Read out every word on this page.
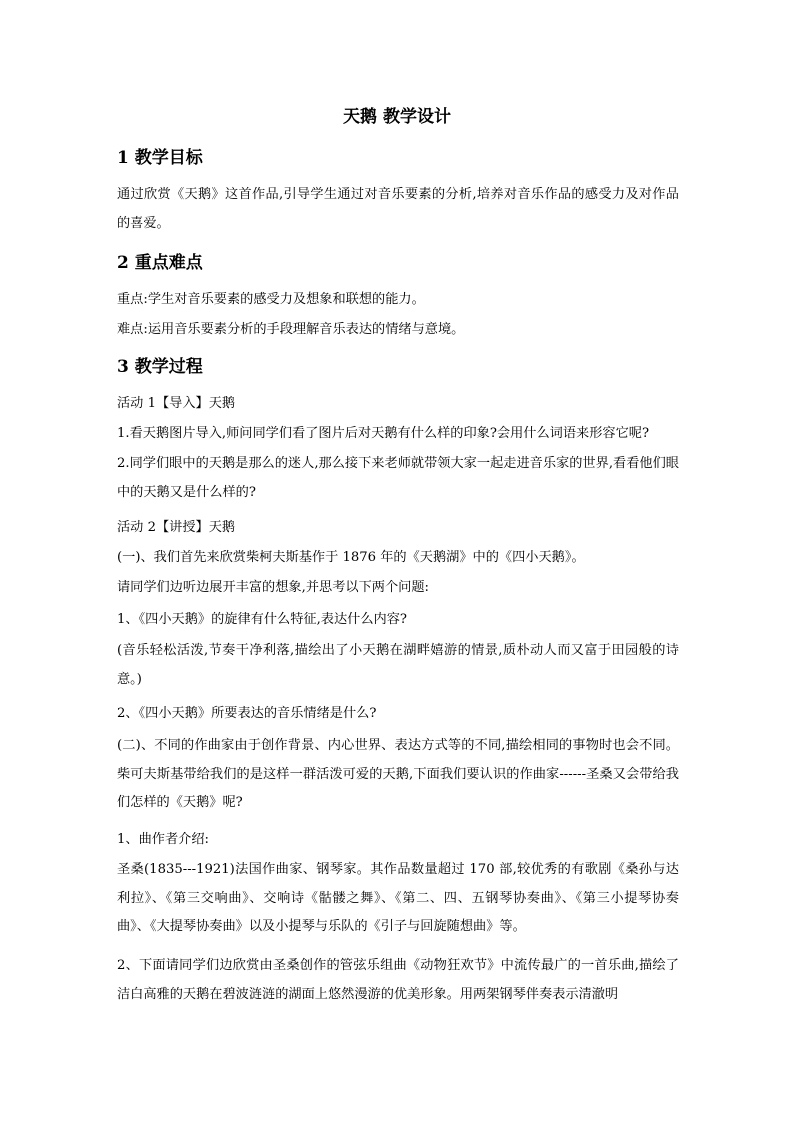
天鹅 教学设计
1 教学目标
通过欣赏《天鹅》这首作品,引导学生通过对音乐要素的分析,培养对音乐作品的感受力及对作品的喜爱。
2 重点难点
重点:学生对音乐要素的感受力及想象和联想的能力。
难点:运用音乐要素分析的手段理解音乐表达的情绪与意境。
3 教学过程
活动 1【导入】天鹅
1.看天鹅图片导入,师问同学们看了图片后对天鹅有什么样的印象?会用什么词语来形容它呢?
2.同学们眼中的天鹅是那么的迷人,那么接下来老师就带领大家一起走进音乐家的世界,看看他们眼中的天鹅又是什么样的?
活动 2【讲授】天鹅
(一)、我们首先来欣赏柴柯夫斯基作于 1876 年的《天鹅湖》中的《四小天鹅》。
请同学们边听边展开丰富的想象,并思考以下两个问题:
1、《四小天鹅》的旋律有什么特征,表达什么内容?
(音乐轻松活泼,节奏干净利落,描绘出了小天鹅在湖畔嬉游的情景,质朴动人而又富于田园般的诗意。)
2、《四小天鹅》所要表达的音乐情绪是什么?
(二)、不同的作曲家由于创作背景、内心世界、表达方式等的不同,描绘相同的事物时也会不同。柴可夫斯基带给我们的是这样一群活泼可爱的天鹅,下面我们要认识的作曲家------圣桑又会带给我们怎样的《天鹅》呢?
1、曲作者介绍:
圣桑(1835---1921)法国作曲家、钢琴家。其作品数量超过 170 部,较优秀的有歌剧《桑孙与达利拉》、《第三交响曲》、交响诗《骷髅之舞》、《第二、四、五钢琴协奏曲》、《第三小提琴协奏曲》、《大提琴协奏曲》以及小提琴与乐队的《引子与回旋随想曲》等。
2、下面请同学们边欣赏由圣桑创作的管弦乐组曲《动物狂欢节》中流传最广的一首乐曲,描绘了洁白高雅的天鹅在碧波涟涟的湖面上悠然漫游的优美形象。用两架钢琴伴奏表示清澈明
